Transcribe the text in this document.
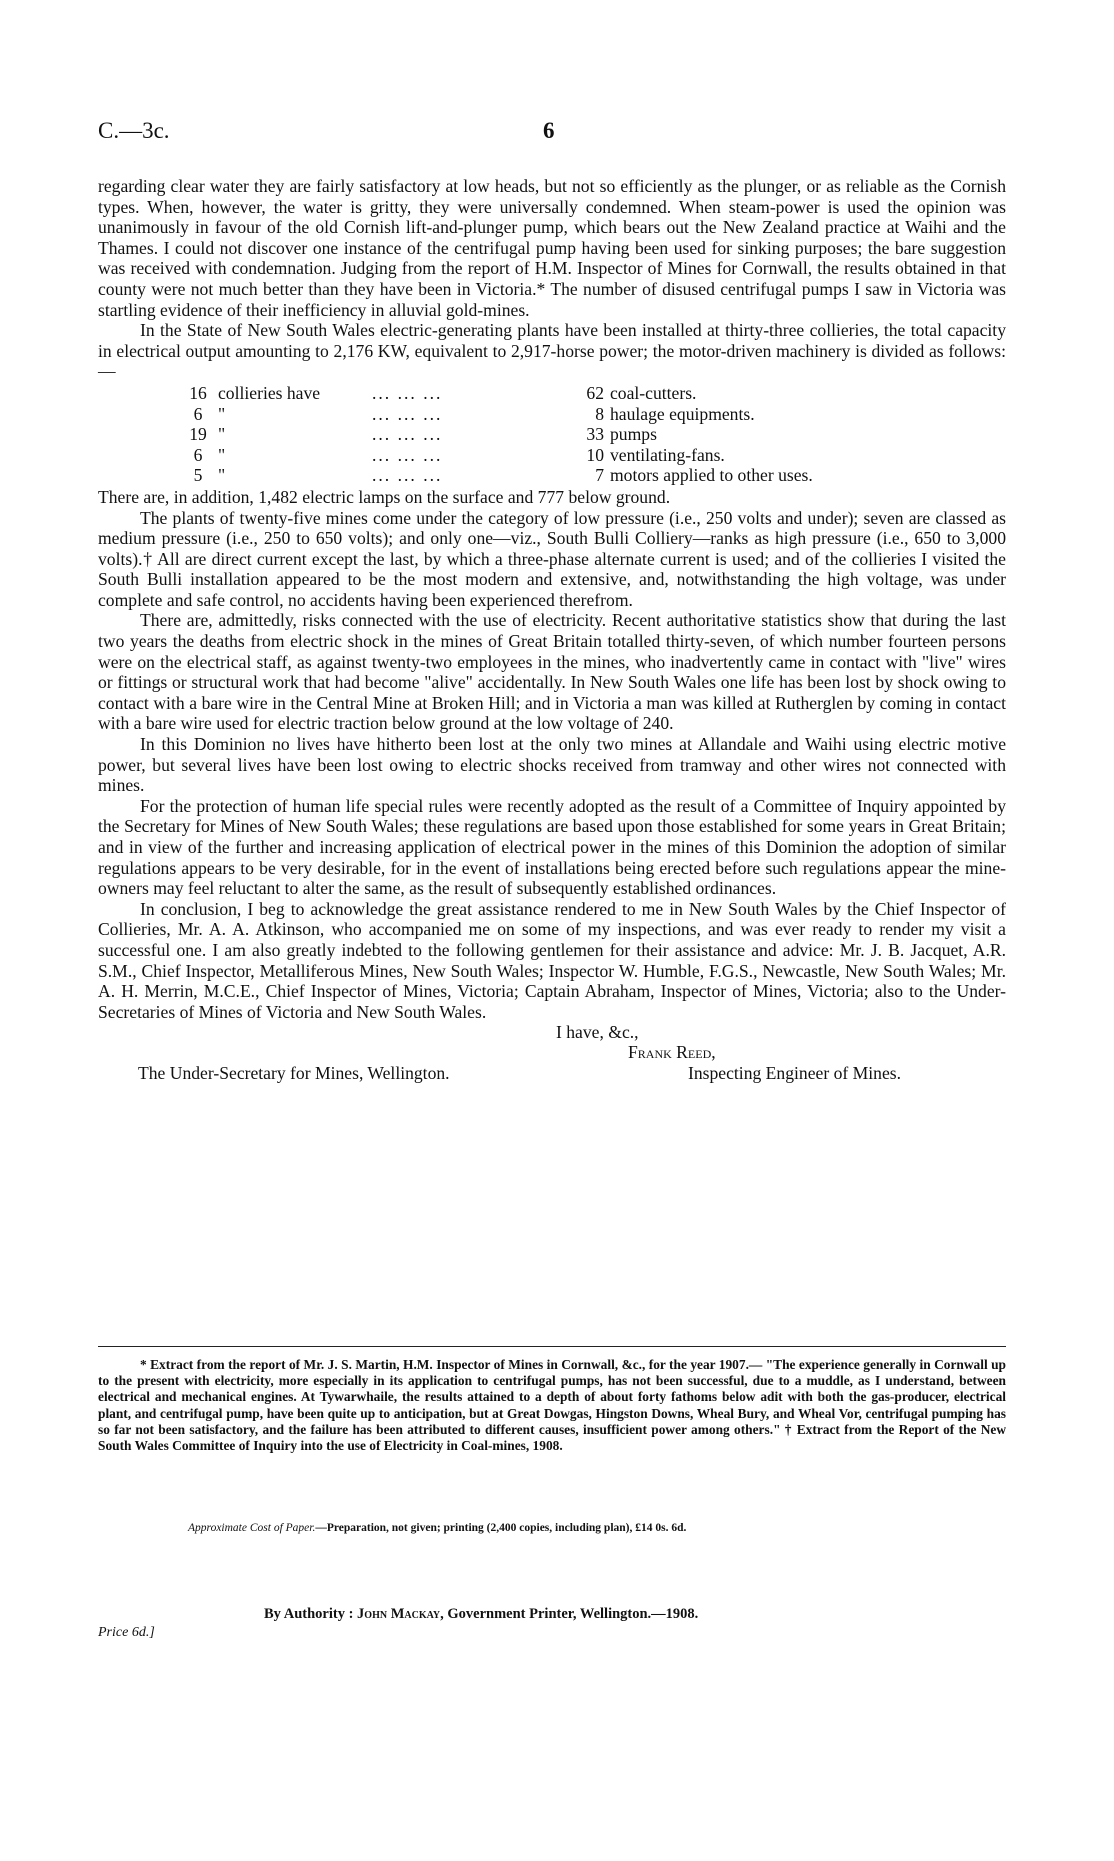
C.—3c.	6

regarding clear water they are fairly satisfactory at low heads, but not so efficiently as the plunger, or as reliable as the Cornish types. When, however, the water is gritty, they were universally condemned. When steam-power is used the opinion was unanimously in favour of the old Cornish lift-and-plunger pump, which bears out the New Zealand practice at Waihi and the Thames. I could not discover one instance of the centrifugal pump having been used for sinking purposes; the bare suggestion was received with condemnation. Judging from the report of H.M. Inspector of Mines for Cornwall, the results obtained in that county were not much better than they have been in Victoria.* The number of disused centrifugal pumps I saw in Victoria was startling evidence of their inefficiency in alluvial gold-mines.

In the State of New South Wales electric-generating plants have been installed at thirty-three collieries, the total capacity in electrical output amounting to 2,176 KW, equivalent to 2,917-horse power; the motor-driven machinery is divided as follows:—

16	collieries have	... ... ...	62	coal-cutters.
6	"	... ... ...	8	haulage equipments.
19	"	... ... ...	33	pumps
6	"	... ... ...	10	ventilating-fans.
5	"	... ... ...	7	motors applied to other uses.

There are, in addition, 1,482 electric lamps on the surface and 777 below ground.

The plants of twenty-five mines come under the category of low pressure (i.e., 250 volts and under); seven are classed as medium pressure (i.e., 250 to 650 volts); and only one—viz., South Bulli Colliery—ranks as high pressure (i.e., 650 to 3,000 volts).† All are direct current except the last, by which a three-phase alternate current is used; and of the collieries I visited the South Bulli installation appeared to be the most modern and extensive, and, notwithstanding the high voltage, was under complete and safe control, no accidents having been experienced therefrom.

There are, admittedly, risks connected with the use of electricity. Recent authoritative statistics show that during the last two years the deaths from electric shock in the mines of Great Britain totalled thirty-seven, of which number fourteen persons were on the electrical staff, as against twenty-two employees in the mines, who inadvertently came in contact with "live" wires or fittings or structural work that had become "alive" accidentally. In New South Wales one life has been lost by shock owing to contact with a bare wire in the Central Mine at Broken Hill; and in Victoria a man was killed at Rutherglen by coming in contact with a bare wire used for electric traction below ground at the low voltage of 240.

In this Dominion no lives have hitherto been lost at the only two mines at Allandale and Waihi using electric motive power, but several lives have been lost owing to electric shocks received from tramway and other wires not connected with mines.

For the protection of human life special rules were recently adopted as the result of a Committee of Inquiry appointed by the Secretary for Mines of New South Wales; these regulations are based upon those established for some years in Great Britain; and in view of the further and increasing application of electrical power in the mines of this Dominion the adoption of similar regulations appears to be very desirable, for in the event of installations being erected before such regulations appear the mine-owners may feel reluctant to alter the same, as the result of subsequently established ordinances.

In conclusion, I beg to acknowledge the great assistance rendered to me in New South Wales by the Chief Inspector of Collieries, Mr. A. A. Atkinson, who accompanied me on some of my inspections, and was ever ready to render my visit a successful one. I am also greatly indebted to the following gentlemen for their assistance and advice: Mr. J. B. Jacquet, A.R. S.M., Chief Inspector, Metalliferous Mines, New South Wales; Inspector W. Humble, F.G.S., Newcastle, New South Wales; Mr. A. H. Merrin, M.C.E., Chief Inspector of Mines, Victoria; Captain Abraham, Inspector of Mines, Victoria; also to the Under-Secretaries of Mines of Victoria and New South Wales.

I have, &c.,
Frank Reed,
The Under-Secretary for Mines, Wellington.	Inspecting Engineer of Mines.

* Extract from the report of Mr. J. S. Martin, H.M. Inspector of Mines in Cornwall, &c., for the year 1907.— "The experience generally in Cornwall up to the present with electricity, more especially in its application to centrifugal pumps, has not been successful, due to a muddle, as I understand, between electrical and mechanical engines. At Tywarwhaile, the results attained to a depth of about forty fathoms below adit with both the gas-producer, electrical plant, and centrifugal pump, have been quite up to anticipation, but at Great Dowgas, Hingston Downs, Wheal Bury, and Wheal Vor, centrifugal pumping has so far not been satisfactory, and the failure has been attributed to different causes, insufficient power among others." † Extract from the Report of the New South Wales Committee of Inquiry into the use of Electricity in Coal-mines, 1908.

Approximate Cost of Paper.—Preparation, not given; printing (2,400 copies, including plan), £14 0s. 6d.
By Authority : John Mackay, Government Printer, Wellington.—1908.
Price 6d.]
